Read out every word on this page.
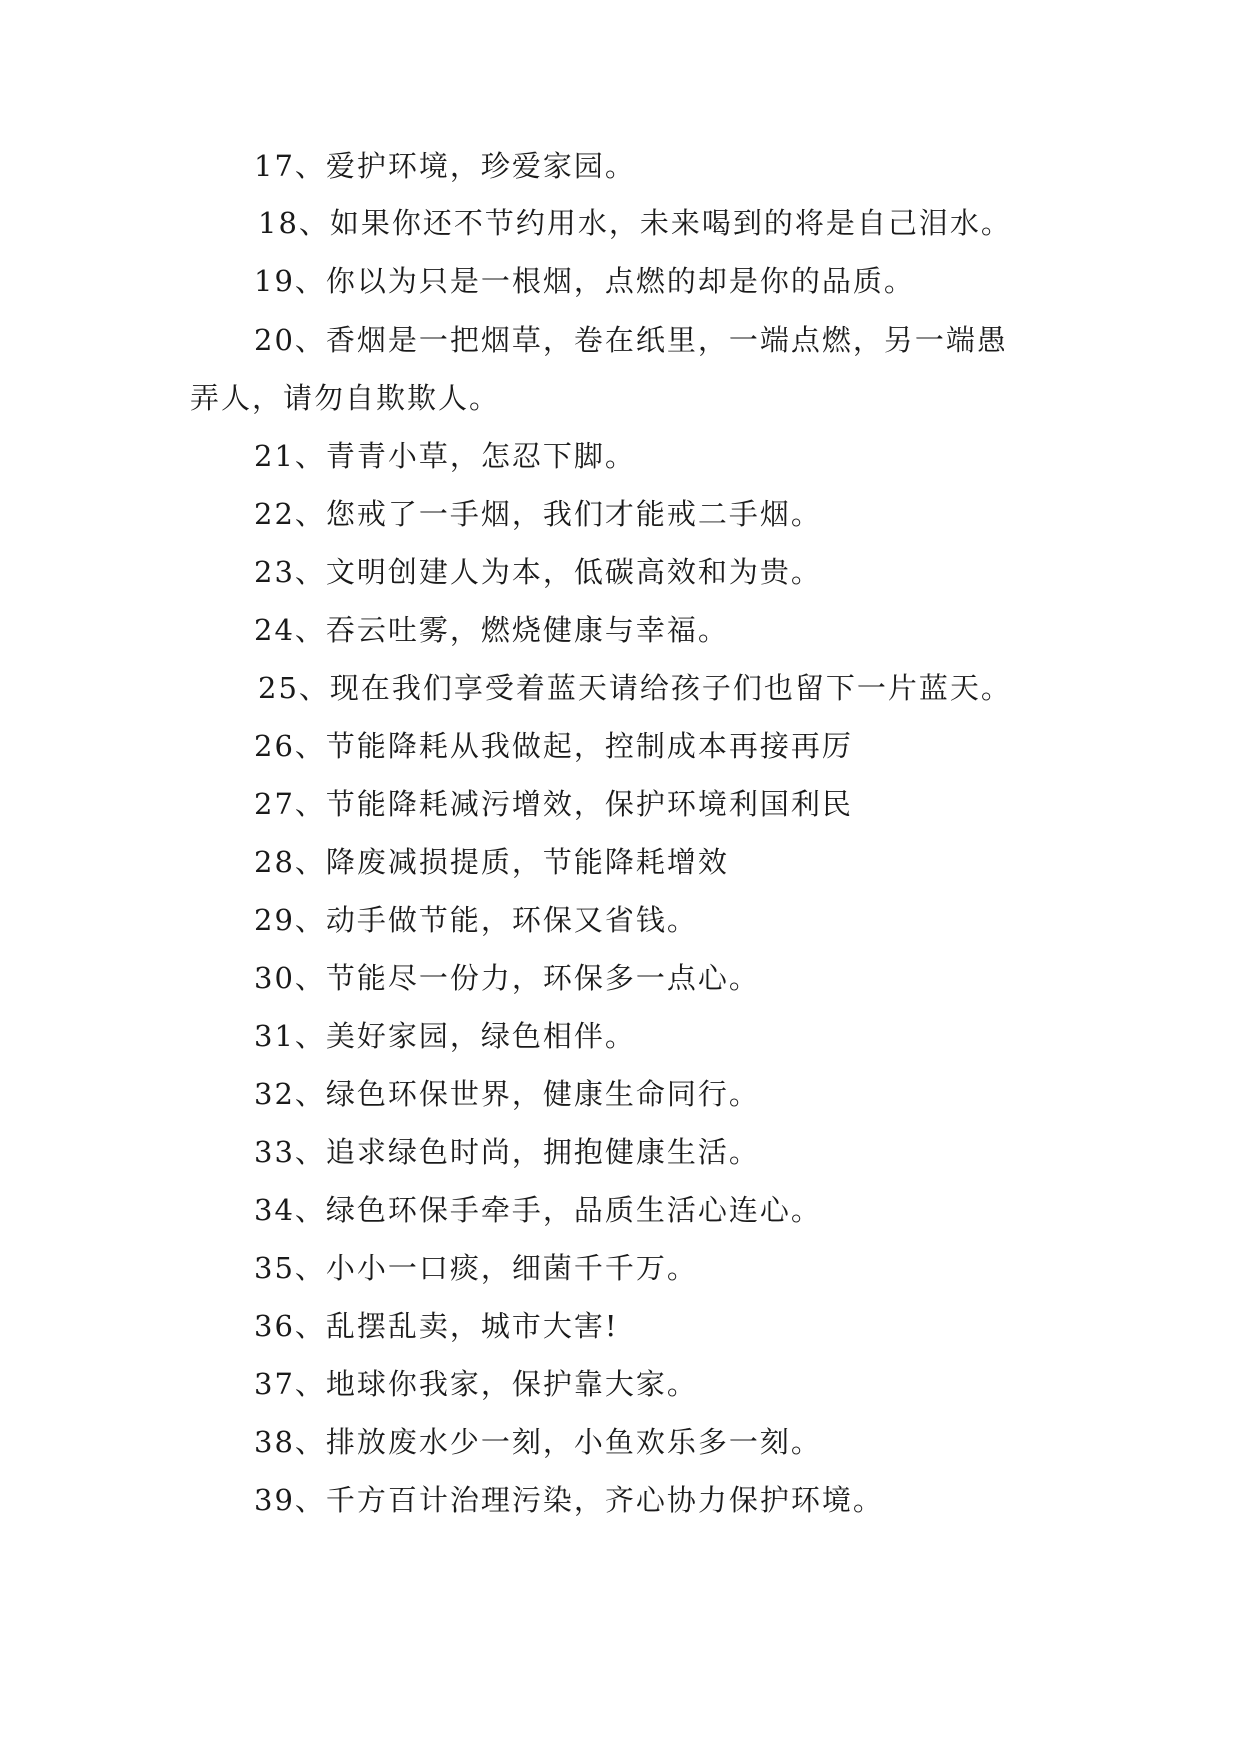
17、爱护环境，珍爱家园。
18、如果你还不节约用水，未来喝到的将是自己泪水。
19、你以为只是一根烟，点燃的却是你的品质。
20、香烟是一把烟草，卷在纸里，一端点燃，另一端愚
弄人，请勿自欺欺人。
21、青青小草，怎忍下脚。
22、您戒了一手烟，我们才能戒二手烟。
23、文明创建人为本，低碳高效和为贵。
24、吞云吐雾，燃烧健康与幸福。
25、现在我们享受着蓝天请给孩子们也留下一片蓝天。
26、节能降耗从我做起，控制成本再接再厉
27、节能降耗减污增效，保护环境利国利民
28、降废减损提质，节能降耗增效
29、动手做节能，环保又省钱。
30、节能尽一份力，环保多一点心。
31、美好家园，绿色相伴。
32、绿色环保世界，健康生命同行。
33、追求绿色时尚，拥抱健康生活。
34、绿色环保手牵手，品质生活心连心。
35、小小一口痰，细菌千千万。
36、乱摆乱卖，城市大害!
37、地球你我家，保护靠大家。
38、排放废水少一刻，小鱼欢乐多一刻。
39、千方百计治理污染，齐心协力保护环境。
